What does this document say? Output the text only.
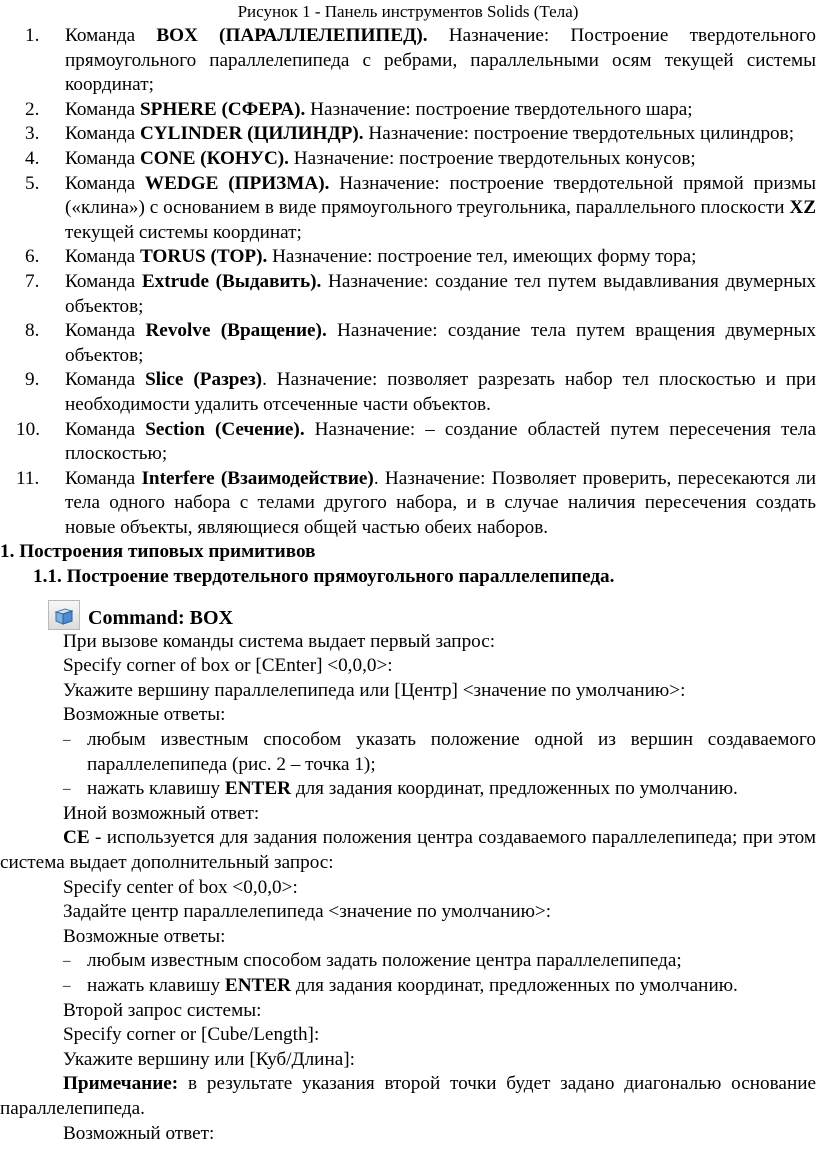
Рисунок 1 - Панель инструментов Solids (Тела)
1. Команда BOX (ПАРАЛЛЕЛЕПИПЕД). Назначение: Построение твердотельного прямоугольного параллелепипеда с ребрами, параллельными осям текущей системы координат;
2. Команда SPHERE (СФЕРА). Назначение: построение твердотельного шара;
3. Команда CYLINDER (ЦИЛИНДР). Назначение: построение твердотельных цилиндров;
4. Команда CONE (КОНУС). Назначение: построение твердотельных конусов;
5. Команда WEDGE (ПРИЗМА). Назначение: построение твердотельной прямой призмы («клина») с основанием в виде прямоугольного треугольника, параллельного плоскости XZ текущей системы координат;
6. Команда TORUS (ТОР). Назначение: построение тел, имеющих форму тора;
7. Команда Extrude (Выдавить). Назначение: создание тел путем выдавливания двумерных объектов;
8. Команда Revolve (Вращение). Назначение: создание тела путем вращения двумерных объектов;
9. Команда Slice (Разрез). Назначение: позволяет разрезать набор тел плоскостью и при необходимости удалить отсеченные части объектов.
10. Команда Section (Сечение). Назначение: – создание областей путем пересечения тела плоскостью;
11. Команда Interfere (Взаимодействие). Назначение: Позволяет проверить, пересекаются ли тела одного набора с телами другого набора, и в случае наличия пересечения создать новые объекты, являющиеся общей частью обеих наборов.
1. Построения типовых примитивов
1.1. Построение твердотельного прямоугольного параллелепипеда.
Command: BOX
При вызове команды система выдает первый запрос:
Specify corner of box or [CEnter] <0,0,0>:
Укажите вершину параллелепипеда или [Центр] <значение по умолчанию>:
Возможные ответы:
– любым известным способом указать положение одной из вершин создаваемого параллелепипеда (рис. 2 – точка 1);
– нажать клавишу ENTER для задания координат, предложенных по умолчанию.
Иной возможный ответ:
CE - используется для задания положения центра создаваемого параллелепипеда; при этом система выдает дополнительный запрос:
Specify center of box <0,0,0>:
Задайте центр параллелепипеда <значение по умолчанию>:
Возможные ответы:
– любым известным способом задать положение центра параллелепипеда;
– нажать клавишу ENTER для задания координат, предложенных по умолчанию.
Второй запрос системы:
Specify corner or [Cube/Length]:
Укажите вершину или [Куб/Длина]:
Примечание: в результате указания второй точки будет задано диагональю основание параллелепипеда.
Возможный ответ:
